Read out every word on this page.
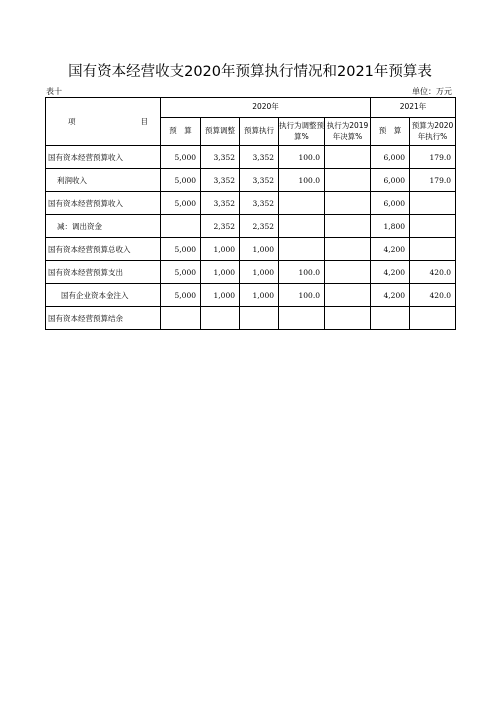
国有资本经营收支2020年预算执行情况和2021年预算表
表十	单位：万元
项 目	2020年					2021年	
	预　算	预算调整	预算执行	执行为调整预算%	执行为2019年决算%	预　算	预算为2020年执行%
国有资本经营预算收入	5,000	3,352	3,352	100.0		6,000	179.0
利润收入	5,000	3,352	3,352	100.0		6,000	179.0
国有资本经营预算收入	5,000	3,352	3,352			6,000	
减：调出资金		2,352	2,352			1,800	
国有资本经营预算总收入	5,000	1,000	1,000			4,200	
国有资本经营预算支出	5,000	1,000	1,000	100.0		4,200	420.0
国有企业资本金注入	5,000	1,000	1,000	100.0		4,200	420.0
国有资本经营预算结余							
